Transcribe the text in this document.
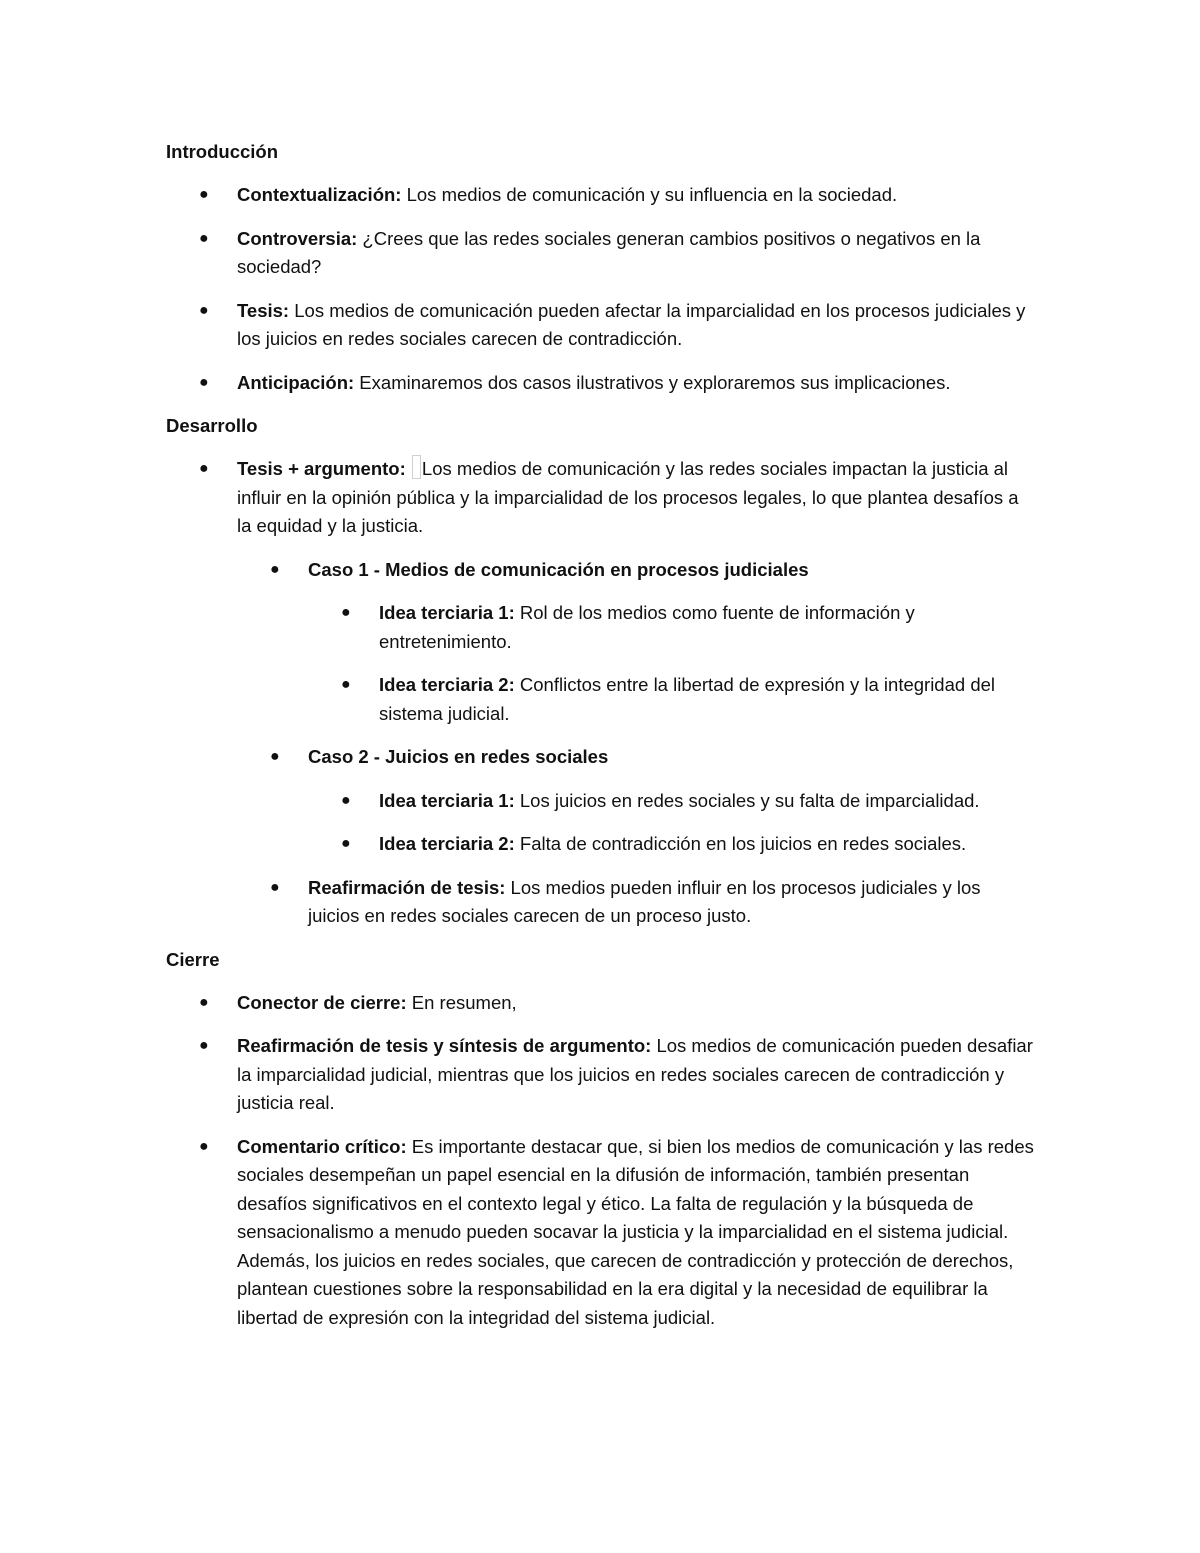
Introducción
● Contextualización: Los medios de comunicación y su influencia en la sociedad.
● Controversia: ¿Crees que las redes sociales generan cambios positivos o negativos en la sociedad?
● Tesis: Los medios de comunicación pueden afectar la imparcialidad en los procesos judiciales y los juicios en redes sociales carecen de contradicción.
● Anticipación: Examinaremos dos casos ilustrativos y exploraremos sus implicaciones.
Desarrollo
● Tesis + argumento: Los medios de comunicación y las redes sociales impactan la justicia al influir en la opinión pública y la imparcialidad de los procesos legales, lo que plantea desafíos a la equidad y la justicia.
● Caso 1 - Medios de comunicación en procesos judiciales
● Idea terciaria 1: Rol de los medios como fuente de información y entretenimiento.
● Idea terciaria 2: Conflictos entre la libertad de expresión y la integridad del sistema judicial.
● Caso 2 - Juicios en redes sociales
● Idea terciaria 1: Los juicios en redes sociales y su falta de imparcialidad.
● Idea terciaria 2: Falta de contradicción en los juicios en redes sociales.
● Reafirmación de tesis: Los medios pueden influir en los procesos judiciales y los juicios en redes sociales carecen de un proceso justo.
Cierre
● Conector de cierre: En resumen,
● Reafirmación de tesis y síntesis de argumento: Los medios de comunicación pueden desafiar la imparcialidad judicial, mientras que los juicios en redes sociales carecen de contradicción y justicia real.
● Comentario crítico: Es importante destacar que, si bien los medios de comunicación y las redes sociales desempeñan un papel esencial en la difusión de información, también presentan desafíos significativos en el contexto legal y ético. La falta de regulación y la búsqueda de sensacionalismo a menudo pueden socavar la justicia y la imparcialidad en el sistema judicial. Además, los juicios en redes sociales, que carecen de contradicción y protección de derechos, plantean cuestiones sobre la responsabilidad en la era digital y la necesidad de equilibrar la libertad de expresión con la integridad del sistema judicial.
